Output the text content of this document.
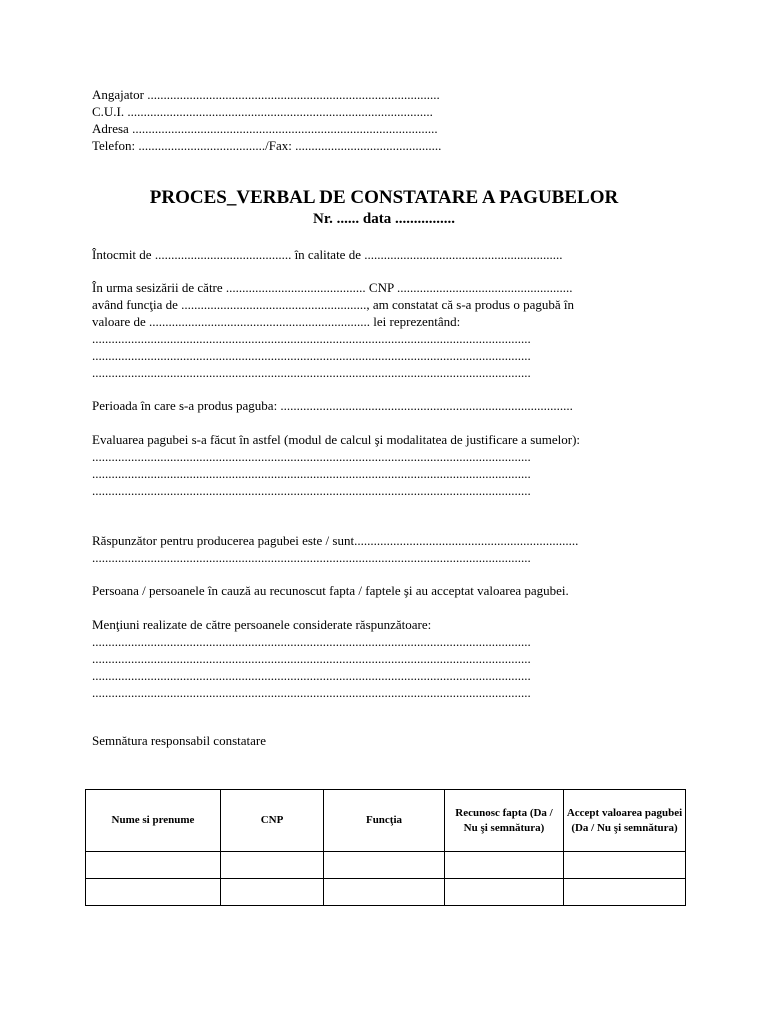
Angajator ..........................................................................................
C.U.I. ..............................................................................................
Adresa ..............................................................................................
Telefon: ......................................./Fax: .............................................
PROCES_VERBAL DE CONSTATARE A PAGUBELOR
Nr. ...... data ................
Întocmit de .......................................... în calitate de .............................................................
În urma sesizării de către ........................................... CNP ......................................................
având funcţia de ........................................................., am constatat că s-a produs o pagubă în
valoare de .................................................................... lei reprezentând:
.......................................................................................................................................
.......................................................................................................................................
.......................................................................................................................................
Perioada în care s-a produs paguba: ..........................................................................................
Evaluarea pagubei s-a făcut în astfel (modul de calcul şi modalitatea de justificare a sumelor):
.......................................................................................................................................
.......................................................................................................................................
.......................................................................................................................................
Răspunzător pentru producerea pagubei este / sunt.....................................................................
.......................................................................................................................................
Persoana / persoanele în cauză au recunoscut fapta / faptele şi au acceptat valoarea pagubei.
Menţiuni realizate de către persoanele considerate răspunzătoare:
.......................................................................................................................................
.......................................................................................................................................
.......................................................................................................................................
.......................................................................................................................................
Semnătura responsabil constatare
Nume si prenume	CNP	Funcţia	Recunosc fapta (Da / Nu şi semnătura)	Accept valoarea pagubei (Da / Nu şi semnătura)
